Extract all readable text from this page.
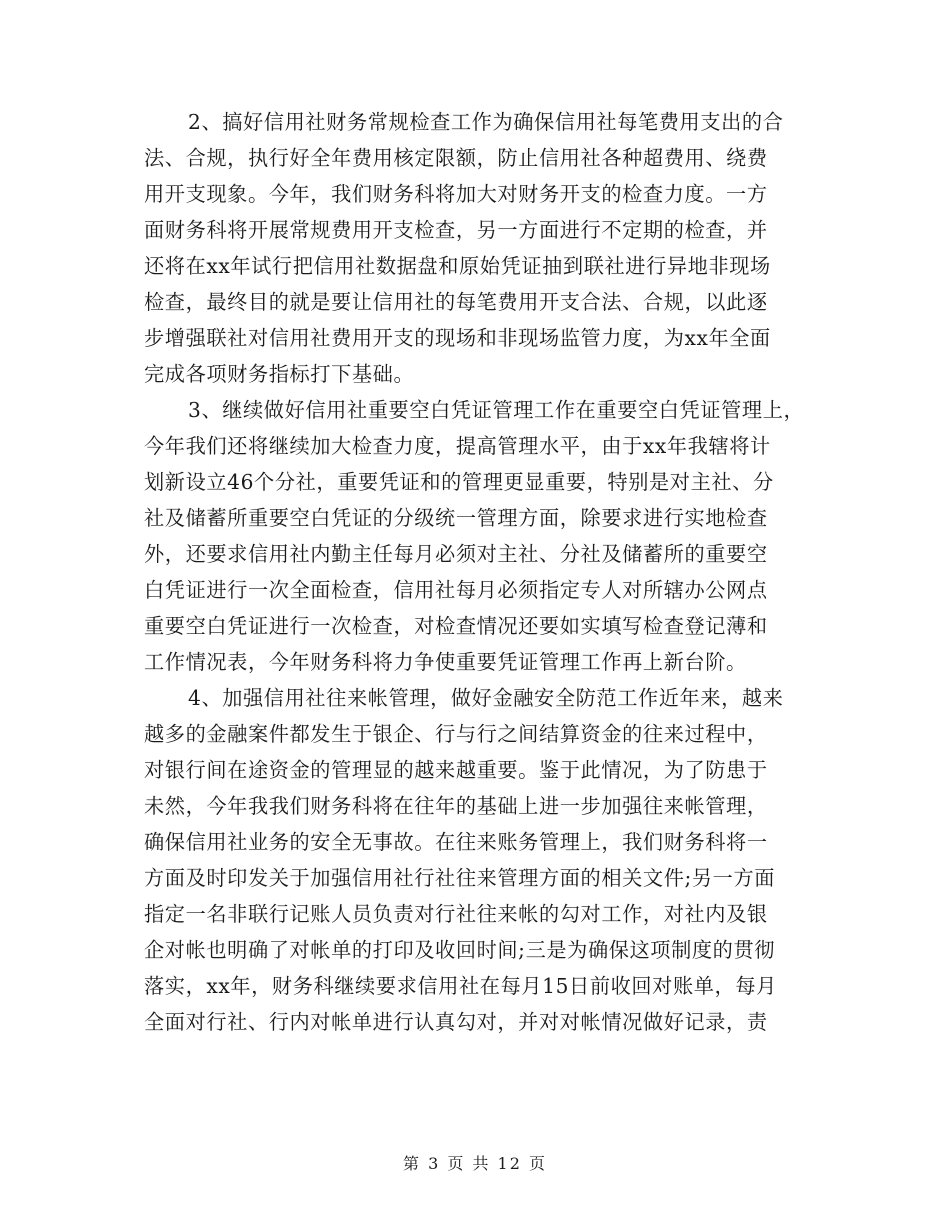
2、搞好信用社财务常规检查工作为确保信用社每笔费用支出的合
法、合规，执行好全年费用核定限额，防止信用社各种超费用、绕费
用开支现象。今年，我们财务科将加大对财务开支的检查力度。一方
面财务科将开展常规费用开支检查，另一方面进行不定期的检查，并
还将在xx年试行把信用社数据盘和原始凭证抽到联社进行异地非现场
检查，最终目的就是要让信用社的每笔费用开支合法、合规，以此逐
步增强联社对信用社费用开支的现场和非现场监管力度，为xx年全面
完成各项财务指标打下基础。
3、继续做好信用社重要空白凭证管理工作在重要空白凭证管理上，
今年我们还将继续加大检查力度，提高管理水平，由于xx年我辖将计
划新设立46个分社，重要凭证和的管理更显重要，特别是对主社、分
社及储蓄所重要空白凭证的分级统一管理方面，除要求进行实地检查
外，还要求信用社内勤主任每月必须对主社、分社及储蓄所的重要空
白凭证进行一次全面检查，信用社每月必须指定专人对所辖办公网点
重要空白凭证进行一次检查，对检查情况还要如实填写检查登记薄和
工作情况表，今年财务科将力争使重要凭证管理工作再上新台阶。
4、加强信用社往来帐管理，做好金融安全防范工作近年来，越来
越多的金融案件都发生于银企、行与行之间结算资金的往来过程中，
对银行间在途资金的管理显的越来越重要。鉴于此情况，为了防患于
未然，今年我我们财务科将在往年的基础上进一步加强往来帐管理，
确保信用社业务的安全无事故。在往来账务管理上，我们财务科将一
方面及时印发关于加强信用社行社往来管理方面的相关文件;另一方面
指定一名非联行记账人员负责对行社往来帐的勾对工作，对社内及银
企对帐也明确了对帐单的打印及收回时间;三是为确保这项制度的贯彻
落实，xx年，财务科继续要求信用社在每月15日前收回对账单，每月
全面对行社、行内对帐单进行认真勾对，并对对帐情况做好记录，责
第 3 页 共 12 页
